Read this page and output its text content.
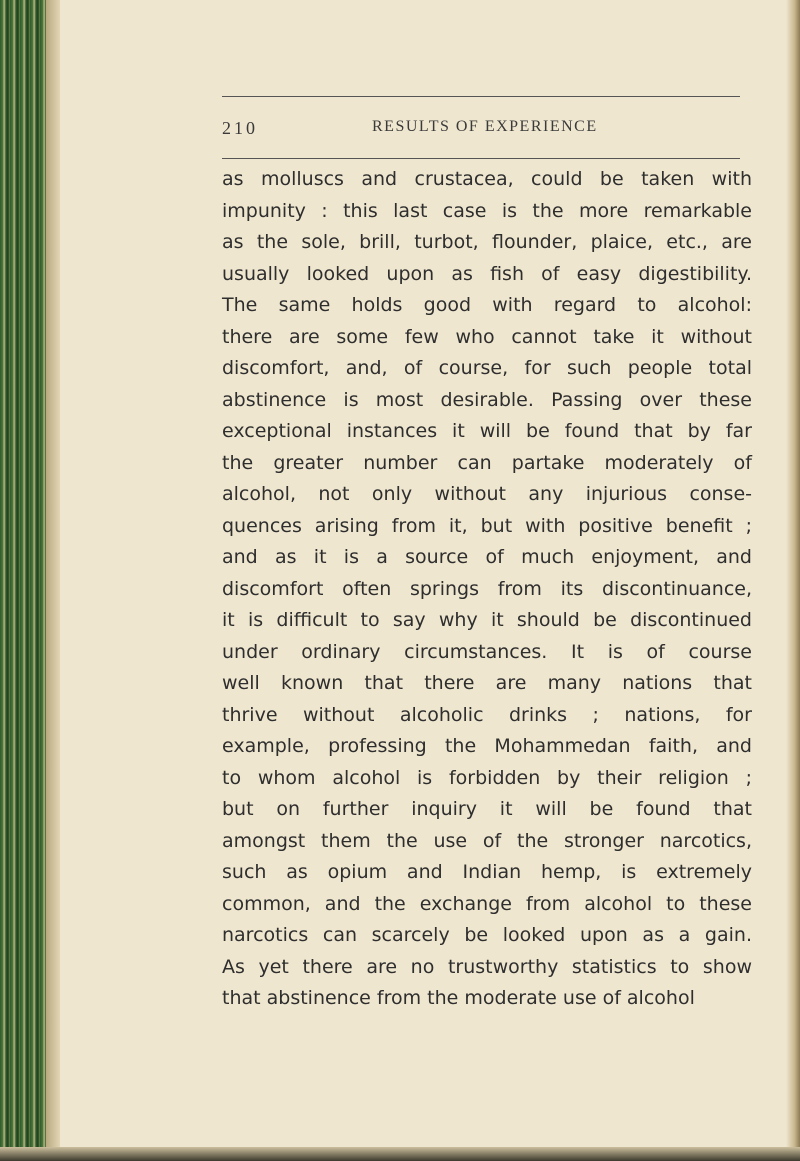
210	RESULTS OF EXPERIENCE
as molluscs and crustacea, could be taken with
impunity : this last case is the more remarkable
as the sole, brill, turbot, flounder, plaice, etc., are
usually looked upon as fish of easy digestibility.
The same holds good with regard to alcohol:
there are some few who cannot take it without
discomfort, and, of course, for such people total
abstinence is most desirable. Passing over these
exceptional instances it will be found that by far
the greater number can partake moderately of
alcohol, not only without any injurious conse-
quences arising from it, but with positive benefit ;
and as it is a source of much enjoyment, and
discomfort often springs from its discontinuance,
it is difficult to say why it should be discontinued
under ordinary circumstances. It is of course
well known that there are many nations that
thrive without alcoholic drinks ; nations, for
example, professing the Mohammedan faith, and
to whom alcohol is forbidden by their religion ;
but on further inquiry it will be found that
amongst them the use of the stronger narcotics,
such as opium and Indian hemp, is extremely
common, and the exchange from alcohol to these
narcotics can scarcely be looked upon as a gain.
As yet there are no trustworthy statistics to show
that abstinence from the moderate use of alcohol
